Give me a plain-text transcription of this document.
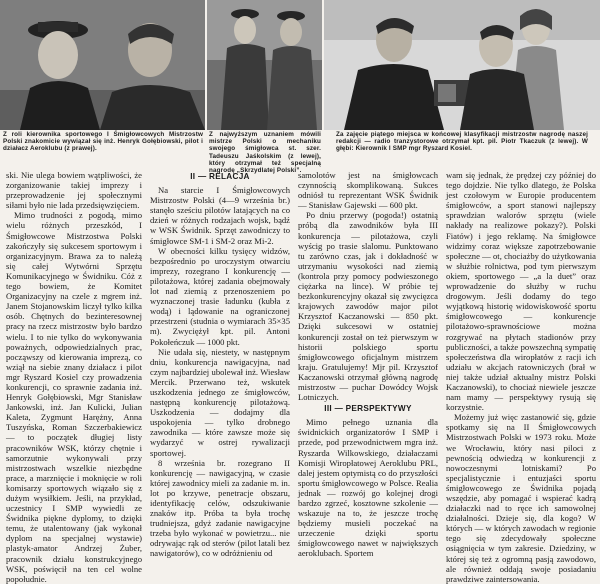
Z roli kierownika sportowego I Śmigłowcowych Mistrzostw Polski znakomicie wywiązał się inż. Henryk Gołębiowski, pilot i działacz Aeroklubu (z prawej).

Z najwyższym uznaniem mówili mistrze Polski o mechaniku swojego śmigłowca st. szer. Tadeuszu Jaśkolskim (z lewej), który otrzymał też specjalną nagrodę „Skrzydlatej Polski”.

Za zajęcie piątego miejsca w końcowej klasyfikacji mistrzostw nagrodę naszej redakcji — radio tranzystorowe otrzymał kpt. pil. Piotr Tkaczuk (z lewej). W głębi: Kierownik I SMP mgr Ryszard Kosiel.

ski. Nie ulega bowiem wątpliwości, że zorganizowanie takiej imprezy i przeprowadzenie jej społecznymi siłami było nie lada przedsięwzięciem.

Mimo trudności z pogodą, mimo wielu różnych przeszkód, I Śmigłowcowe Mistrzostwa Polski zakończyły się sukcesem sportowym i organizacyjnym. Brawa za to należą się całej Wytwórni Sprzętu Komunikacyjnego w Świdniku. Cóż z tego bowiem, że Komitet Organizacyjny na czele z mgrem inż. Janem Stojanowskim liczył tylko kilka osób. Chętnych do bezinteresownej pracy na rzecz mistrzostw było bardzo wielu. I to nie tylko do wykonywania poważnych, odpowiedzialnych prac, począwszy od kierowania imprezą, co wziął na siebie znany działacz i pilot mgr Ryszard Kosiel czy prowadzenia konkurencji, co sprawnie zadania inż. Henryk Gołębiowski, Mgr Stanisław Jankowski, inż. Jan Kulicki, Julian Kaleta, Zygmunt Harężny, Anna Tuszyńska, Roman Szczerbakiewicz — to początek długiej listy pracowników WSK, którzy chętnie i samorzutnie wykonywali przy mistrzostwach wszelkie niezbędne prace, a marznięcie i moknięcie w roli komisarzy sportowych wiązało się z dużym wysiłkiem. Jeśli, na przykład, uczestnicy I SMP wywiedli ze Świdnika piękne dyplomy, to dzięki temu, że utalentowany (jak wykonał dyplom na specjalnej wystawie) plastyk-amator Andrzej Żuber, pracownik działu konstrukcyjnego WSK, poświęcił na ten cel wolne popołudnie.

II — RELACJA

Na starcie I Śmigłowcowych Mistrzostw Polski (4—9 września br.) stanęło sześciu pilotów latających na co dzień w różnych rodzajach wojsk, bądź w WSK Świdnik. Sprzęt zawodniczy to śmigłowce SM-1 i SM-2 oraz Mi-2.

W obecności kilku tysięcy widzów, bezpośrednio po uroczystym otwarciu imprezy, rozegrano I konkurencję — pilotażowa, której zadania obejmowały lot nad ziemią z przenoszeniem po wyznaczonej trasie ładunku (kubła z wodą) i lądowanie na ograniczonej przestrzeni (studnia o wymiarach 35×35 m). Zwyciężył kpt. pil. Antoni Pokołeńczuk — 1000 pkt.

Nie udała się, niestety, w następnym dniu, konkurencja nawigacyjna, nad czym najbardziej ubolewał inż. Wiesław Mercik. Przerwano też, wskutek uszkodzenia jednego ze śmigłowców, następną konkurencję pilotażową. Uszkodzenia — dodajmy dla uspokojenia — tylko drobnego zawodnika — które zawsze może się wydarzyć w ostrej rywalizacji sportowej.

8 września br. rozegrano II konkurencję — nawigacyjną, w czasie której zawodnicy mieli za zadanie m. in. lot po krzywe, penetracje obszaru, identyfikację celów, odszukiwanie znaków itp. Próba ta była trochę trudniejsza, gdyż zadanie nawigacyjne trzeba było wykonać w powietrzu... nie odrywając rąk od sterów (pilot latali bez nawigatorów), co w odróżnieniu od

samolotów jest na śmigłowcach czynnością skomplikowaną. Sukces odniósł tu reprezentant WSK Świdnik — Stanisław Gajewski — 600 pkt.

Po dniu przerwy (pogoda!) ostatnią próbą dla zawodników była III konkurencja — pilotażowa, czyli wyścig po trasie slalomu. Punktowano tu zarówno czas, jak i dokładność w utrzymaniu wysokości nad ziemią (kontrola przy pomocy podwieszonego ciężarka na lince). W próbie tej bezkonkurencyjny okazał się zwycięzca krajowych zawodów major pilot Krzysztof Kaczanowski — 850 pkt. Dzięki sukcesowi w ostatniej konkurencji został on też pierwszym w historii polskiego sportu śmigłowcowego oficjalnym mistrzem kraju. Gratulujemy! Mjr pil. Krzysztof Kaczanowski otrzymał główną nagrodę mistrzostw — puchar Dowódcy Wojsk Lotniczych.

III — PERSPEKTYWY

Mimo pełnego uznania dla świdnickich organizatorów I SMP i przede, pod przewodnictwem mgra inż. Ryszarda Wilkowskiego, działaczami Komisji Wiropłatowej Aeroklubu PRL, dalej jestem optymistą co do przyszłości sportu śmigłowcowego w Polsce. Realia jednak — rozwój go kolejnej drogi bardzo zgrzeć, kosztowne szkolenie — wskazuje na to, że jeszcze trochę będziemy musieli poczekać na urzeczenie dzięki sportu śmigłowcowego nawet w największych aeroklubach. Sportem

wam się jednak, że prędzej czy później do tego dojdzie. Nie tylko dlatego, że Polska jest czołowym w Europie producentem śmigłowców, a sport stanowi najlepszy sprawdzian walorów sprzętu (wiele nakłady na realizowe pokazy?). Polski Fiatów) i jego reklamę. Na śmigłowce widzimy coraz większe zapotrzebowanie społeczne — ot, chociażby do użytkowania w służbie rolnictwa, pod tym pierwszym okiem, sportowego — „a la duet” oraz wprowadzenie do służby w ruchu drogowym. Jeśli dodamy do tego wyjątkową historię widowiskowość sportu śmigłowcowego — konkurencje pilotażowo-sprawnościowe można rozgrywać na płytach stadionów przy publiczności, a także powszechną sympatię społeczeństwa dla wiropłatów z racji ich udziału w akcjach ratowniczych (brał w niej także udział aktualny mistrz Polski Kaczanowski), to chociaż niewiele jeszcze nam mamy — perspektywy rysują się korzystnie.

Możemy już więc zastanowić się, gdzie spotkamy się na II Śmigłowcowych Mistrzostwach Polski w 1973 roku. Może we Wrocławiu, który nasi piloci z pewnością odwiedzą w konkurencji z nowoczesnymi lotniskami? Po specjalistycznie i entuzjaści sportu śmigłowcowego ze Świdnika pojadą wszędzie, aby pomagać i wspierać kadrą działaczki nad to ręce ich samowolnej działalności. Dzieje się, dla kogo? W których — w których zawodach w regionie tego się zdecydowały społeczne osiągnięcia w tym zakresie. Dziedziny, w której się też z ogromną pasją zawodowo, ale również oddają swoje posiadaniu prawdziwe zaintersowania.
